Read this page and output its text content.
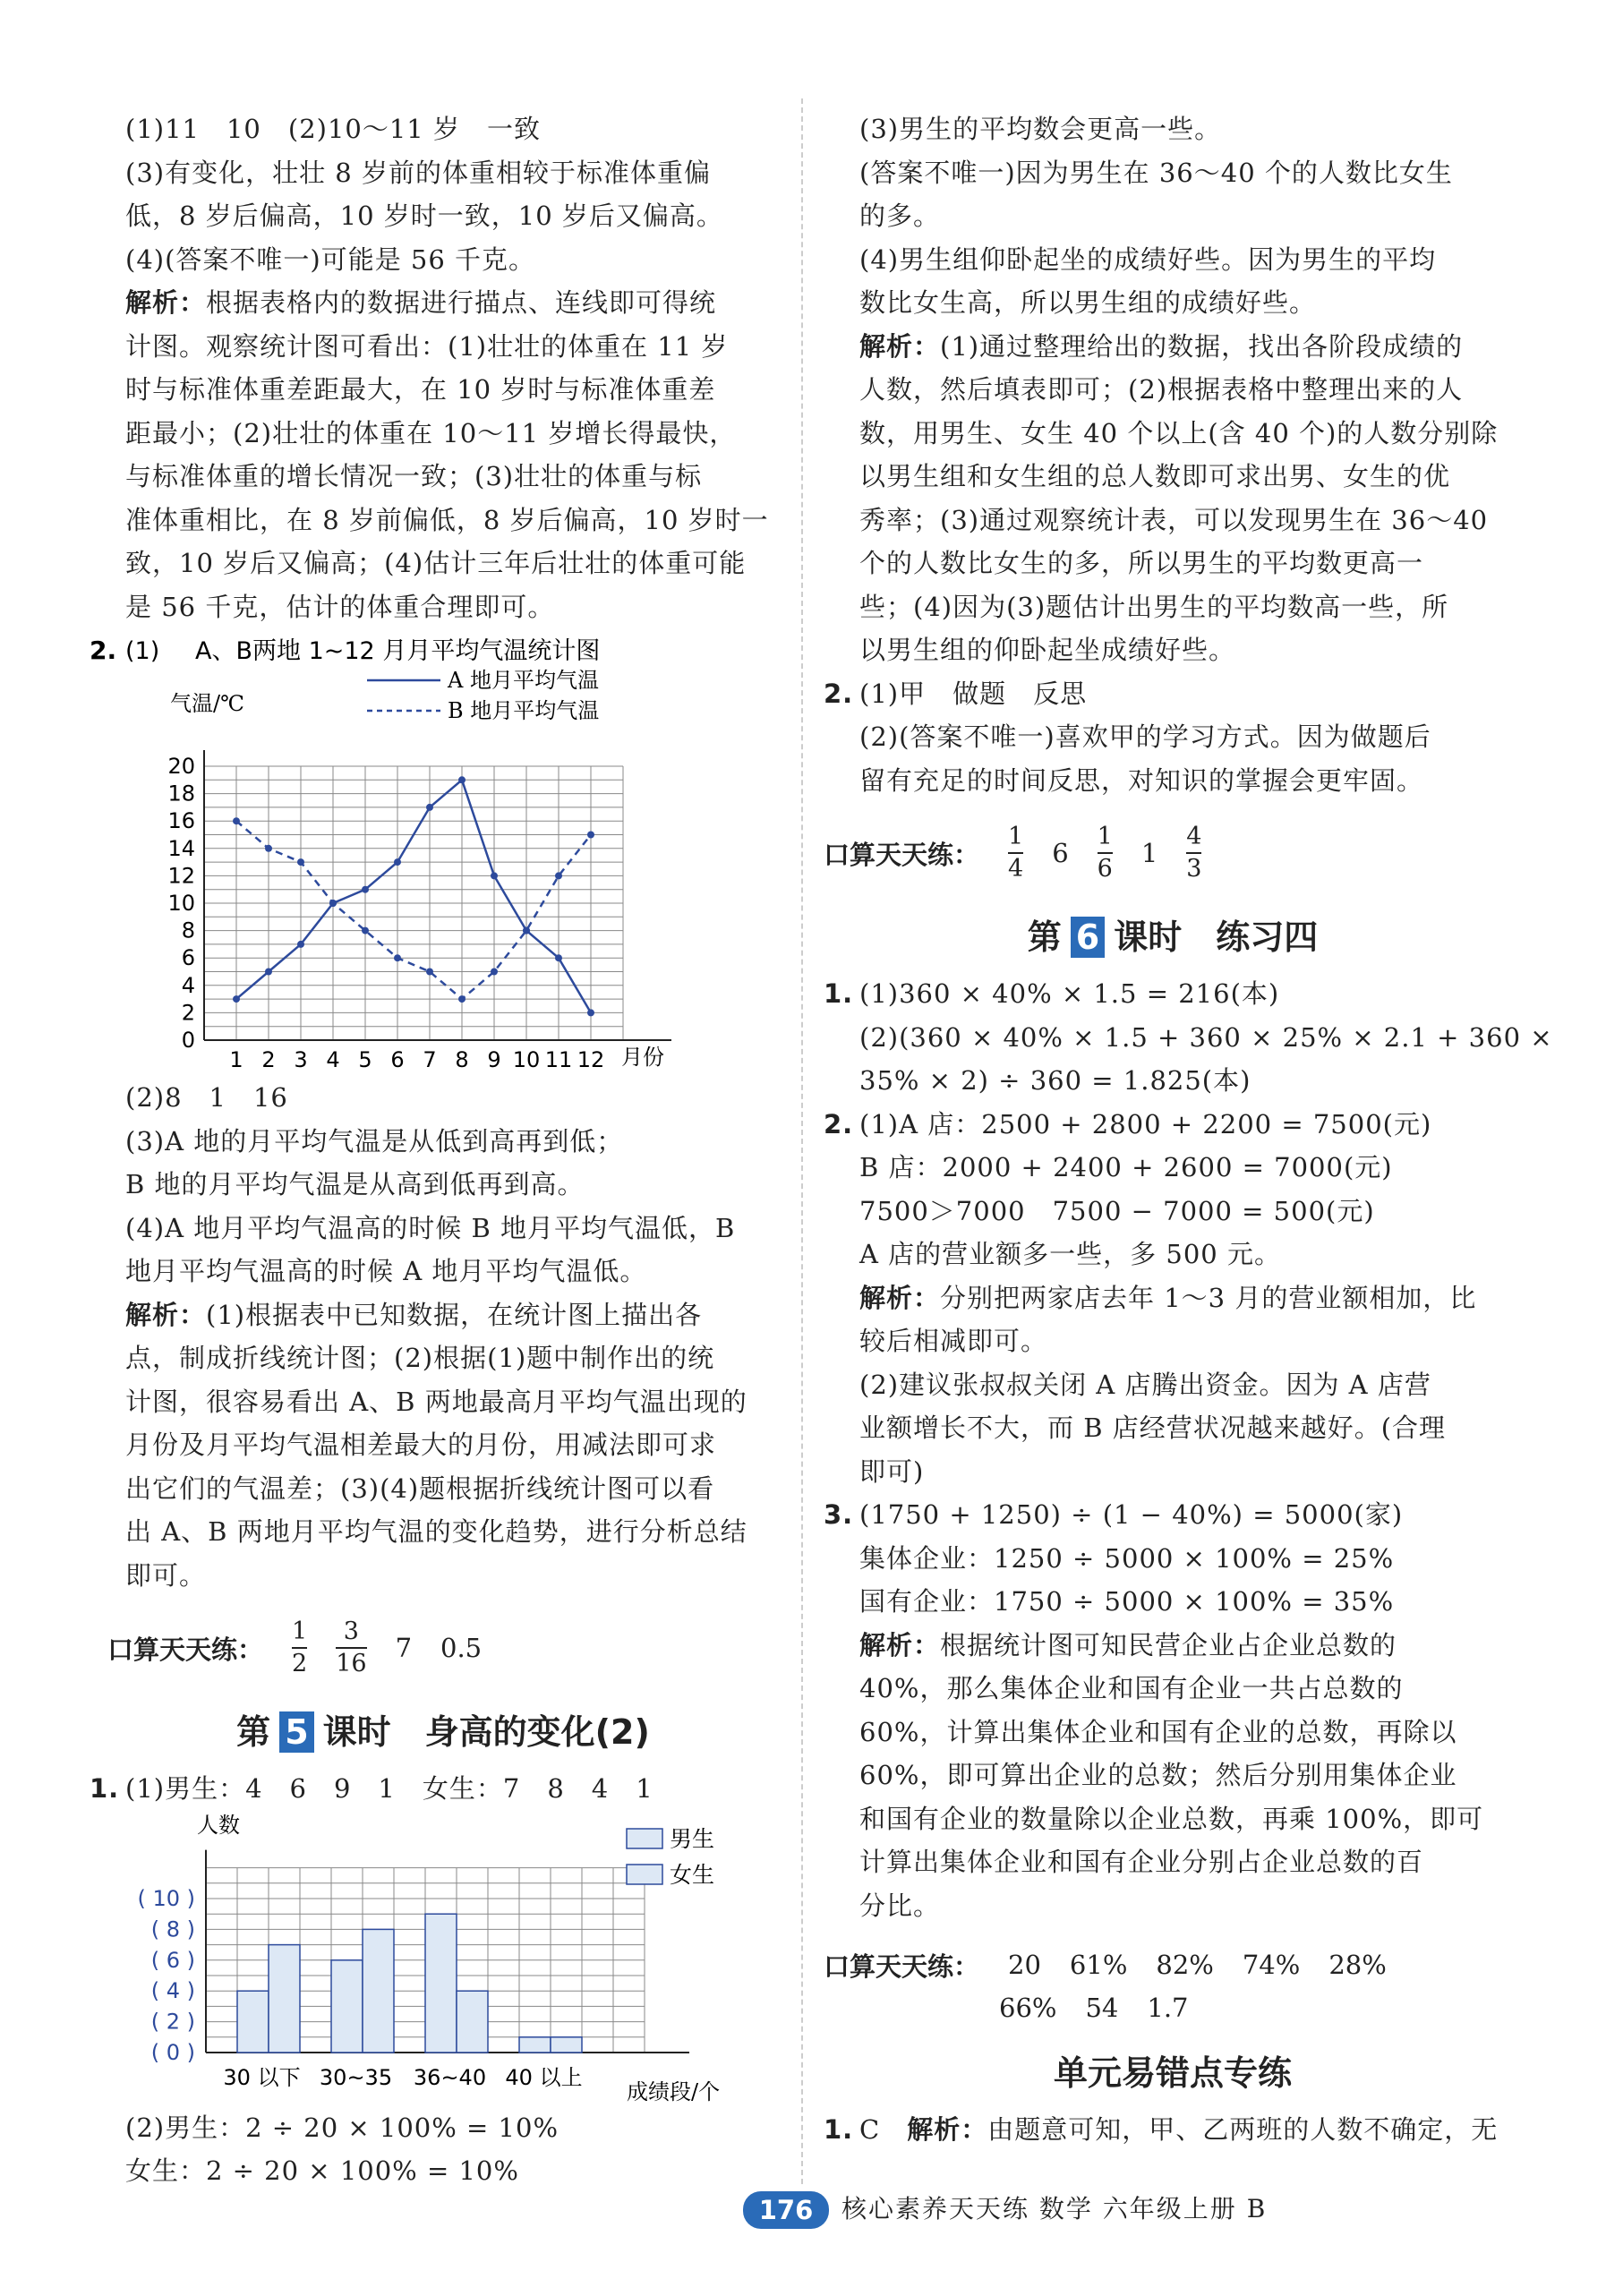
(1)11　10　(2)10～11 岁　一致
(3)有变化，壮壮 8 岁前的体重相较于标准体重偏
低，8 岁后偏高，10 岁时一致，10 岁后又偏高。
(4)(答案不唯一)可能是 56 千克。
解析：根据表格内的数据进行描点、连线即可得统
计图。观察统计图可看出：(1)壮壮的体重在 11 岁
时与标准体重差距最大，在 10 岁时与标准体重差
距最小；(2)壮壮的体重在 10～11 岁增长得最快，
与标准体重的增长情况一致；(3)壮壮的体重与标
准体重相比，在 8 岁前偏低，8 岁后偏高，10 岁时一
致，10 岁后又偏高；(4)估计三年后壮壮的体重可能
是 56 千克，估计的体重合理即可。
2. (1) A、B两地 1~12 月月平均气温统计图
A 地月平均气温
B 地月平均气温
气温/℃
0
2
4
6
8
10
12
14
16
18
20
1 2 3 4 5 6 7 8 9 10 11 12 月份
(2)8　1　16
(3)A 地的月平均气温是从低到高再到低；
B 地的月平均气温是从高到低再到高。
(4)A 地月平均气温高的时候 B 地月平均气温低，B
地月平均气温高的时候 A 地月平均气温低。
解析：(1)根据表中已知数据，在统计图上描出各
点，制成折线统计图；(2)根据(1)题中制作出的统
计图，很容易看出 A、B 两地最高月平均气温出现的
月份及月平均气温相差最大的月份，用减法即可求
出它们的气温差；(3)(4)题根据折线统计图可以看
出 A、B 两地月平均气温的变化趋势，进行分析总结
即可。
口算天天练： $\frac{1}{2} \frac{3}{16} 7$ 0.5
第 5 课时　身高的变化(2)
1. (1)男生：4　6　9　1　女生：7　8　4　1
人数
( 0 )
( 2 )
( 4 )
( 6 )
( 8 )
( 10 )
30 以下 30~35 36~40 40 以上
男生
女生
成绩段/个
(2)男生：2 ÷ 20 × 100% = 10%
女生：2 ÷ 20 × 100% = 10%
(3)男生的平均数会更高一些。
(答案不唯一)因为男生在 36～40 个的人数比女生
的多。
(4)男生组仰卧起坐的成绩好些。因为男生的平均
数比女生高，所以男生组的成绩好些。
解析：(1)通过整理给出的数据，找出各阶段成绩的
人数，然后填表即可；(2)根据表格中整理出来的人
数，用男生、女生 40 个以上(含 40 个)的人数分别除
以男生组和女生组的总人数即可求出男、女生的优
秀率；(3)通过观察统计表，可以发现男生在 36～40
个的人数比女生的多，所以男生的平均数更高一
些；(4)因为(3)题估计出男生的平均数高一些，所
以男生组的仰卧起坐成绩好些。
2. (1)甲　做题　反思
(2)(答案不唯一)喜欢甲的学习方式。因为做题后
留有充足的时间反思，对知识的掌握会更牢固。
口算天天练： $\frac{1}{4} 6 \frac{1}{6} 1 \frac{4}{3}$
第 6 课时　练习四
1. (1)360 × 40% × 1.5 = 216(本)
(2)(360 × 40% × 1.5 + 360 × 25% × 2.1 + 360 ×
35% × 2) ÷ 360 = 1.825(本)
2. (1)A 店：2500 + 2800 + 2200 = 7500(元)
B 店：2000 + 2400 + 2600 = 7000(元)
7500＞7000　7500 − 7000 = 500(元)
A 店的营业额多一些，多 500 元。
解析：分别把两家店去年 1～3 月的营业额相加，比
较后相减即可。
(2)建议张叔叔关闭 A 店腾出资金。因为 A 店营
业额增长不大，而 B 店经营状况越来越好。(合理
即可)
3. (1750 + 1250) ÷ (1 − 40%) = 5000(家)
集体企业：1250 ÷ 5000 × 100% = 25%
国有企业：1750 ÷ 5000 × 100% = 35%
解析：根据统计图可知民营企业占企业总数的
40%，那么集体企业和国有企业一共占总数的
60%，计算出集体企业和国有企业的总数，再除以
60%，即可算出企业的总数；然后分别用集体企业
和国有企业的数量除以企业总数，再乘 100%，即可
计算出集体企业和国有企业分别占企业总数的百
分比。
口算天天练： 20 61% 82% 74% 28%
66% 54 1.7
单元易错点专练
1. C　 解析：由题意可知，甲、乙两班的人数不确定，无
176	核心素养天天练 数学 六年级上册 B
